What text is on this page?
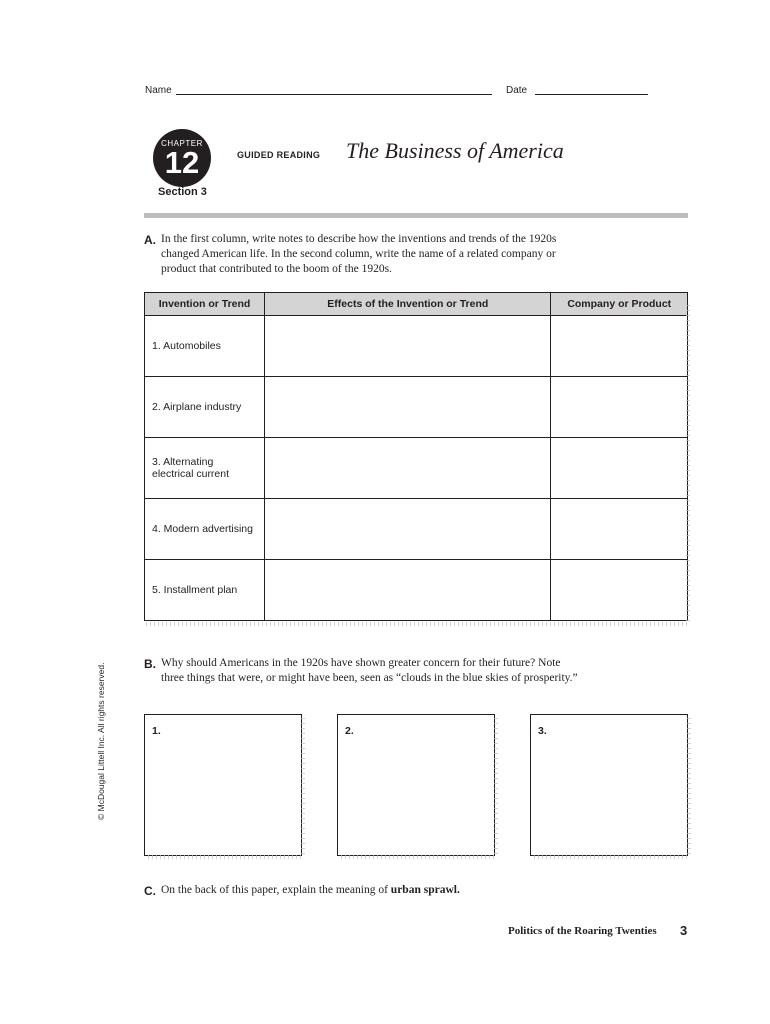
Name	Date
CHAPTER
12
Section 3
GUIDED READING The Business of America
A. In the first column, write notes to describe how the inventions and trends of the 1920s changed American life. In the second column, write the name of a related company or product that contributed to the boom of the 1920s.
Invention or Trend	Effects of the Invention or Trend	Company or Product
1. Automobiles		
2. Airplane industry		
3. Alternating electrical current		
4. Modern advertising		
5. Installment plan		
B. Why should Americans in the 1920s have shown greater concern for their future? Note three things that were, or might have been, seen as “clouds in the blue skies of prosperity.”
1.	2.	3.
C. On the back of this paper, explain the meaning of urban sprawl.
Politics of the Roaring Twenties 3
© McDougal Littell Inc. All rights reserved.
